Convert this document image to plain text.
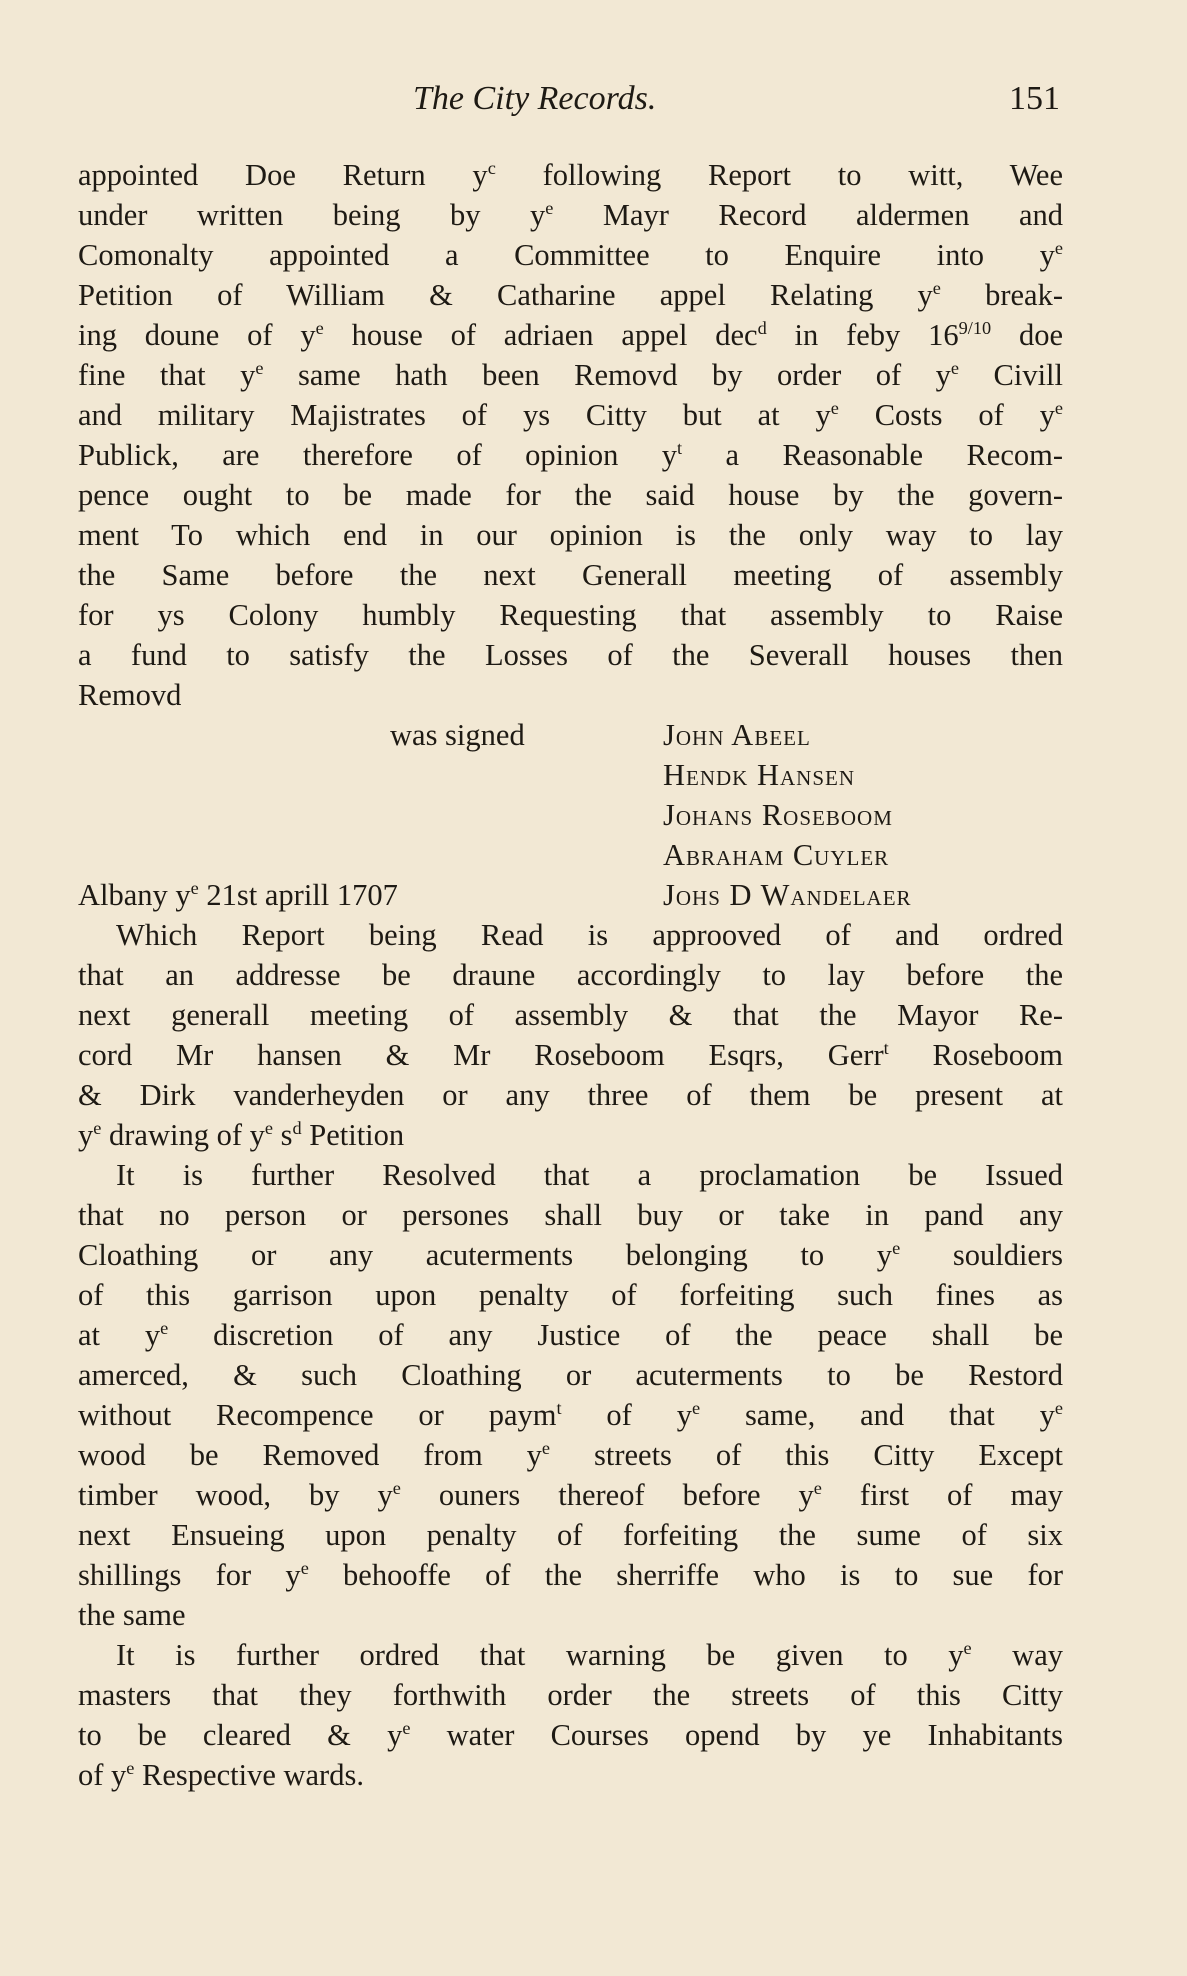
The City Records.	151
appointed Doe Return $y^c$ following Report to witt, Wee
under written being by $y^e$ Mayr Record aldermen and
Comonalty appointed a Committee to Enquire into $y^e$
Petition of William & Catharine appel Relating $y^e$ break-
ing doune of $y^e$ house of adriaen appel dec$^d$ in feby $16^{9/10}$ doe
fine that $y^e$ same hath been Removd by order of $y^e$ Civill
and military Majistrates of ys Citty but at $y^e$ Costs of $y^e$
Publick, are therefore of opinion $y^t$ a Reasonable Recom-
pence ought to be made for the said house by the govern-
ment To which end in our opinion is the only way to lay
the Same before the next Generall meeting of assembly
for ys Colony humbly Requesting that assembly to Raise
a fund to satisfy the Losses of the Severall houses then
Removd
was signed	John Abeel
Hendk Hansen
Johans Roseboom
Abraham Cuyler
Albany $y^e$ 21st aprill 1707	Johs D Wandelaer
Which Report being Read is approoved of and ordred
that an addresse be draune accordingly to lay before the
next generall meeting of assembly & that the Mayor Re-
cord Mr hansen & Mr Roseboom Esqrs, Gerr$^t$ Roseboom
& Dirk vanderheyden or any three of them be present at
$y^e$ drawing of $y^e$ $s^d$ Petition
It is further Resolved that a proclamation be Issued
that no person or persones shall buy or take in pand any
Cloathing or any acuterments belonging to $y^e$ souldiers
of this garrison upon penalty of forfeiting such fines as
at $y^e$ discretion of any Justice of the peace shall be
amerced, & such Cloathing or acuterments to be Restord
without Recompence or paym$^t$ of $y^e$ same, and that $y^e$
wood be Removed from $y^e$ streets of this Citty Except
timber wood, by $y^e$ ouners thereof before $y^e$ first of may
next Ensueing upon penalty of forfeiting the sume of six
shillings for $y^e$ behooffe of the sherriffe who is to sue for
the same
It is further ordred that warning be given to $y^e$ way
masters that they forthwith order the streets of this Citty
to be cleared & $y^e$ water Courses opend by ye Inhabitants
of $y^e$ Respective wards.
